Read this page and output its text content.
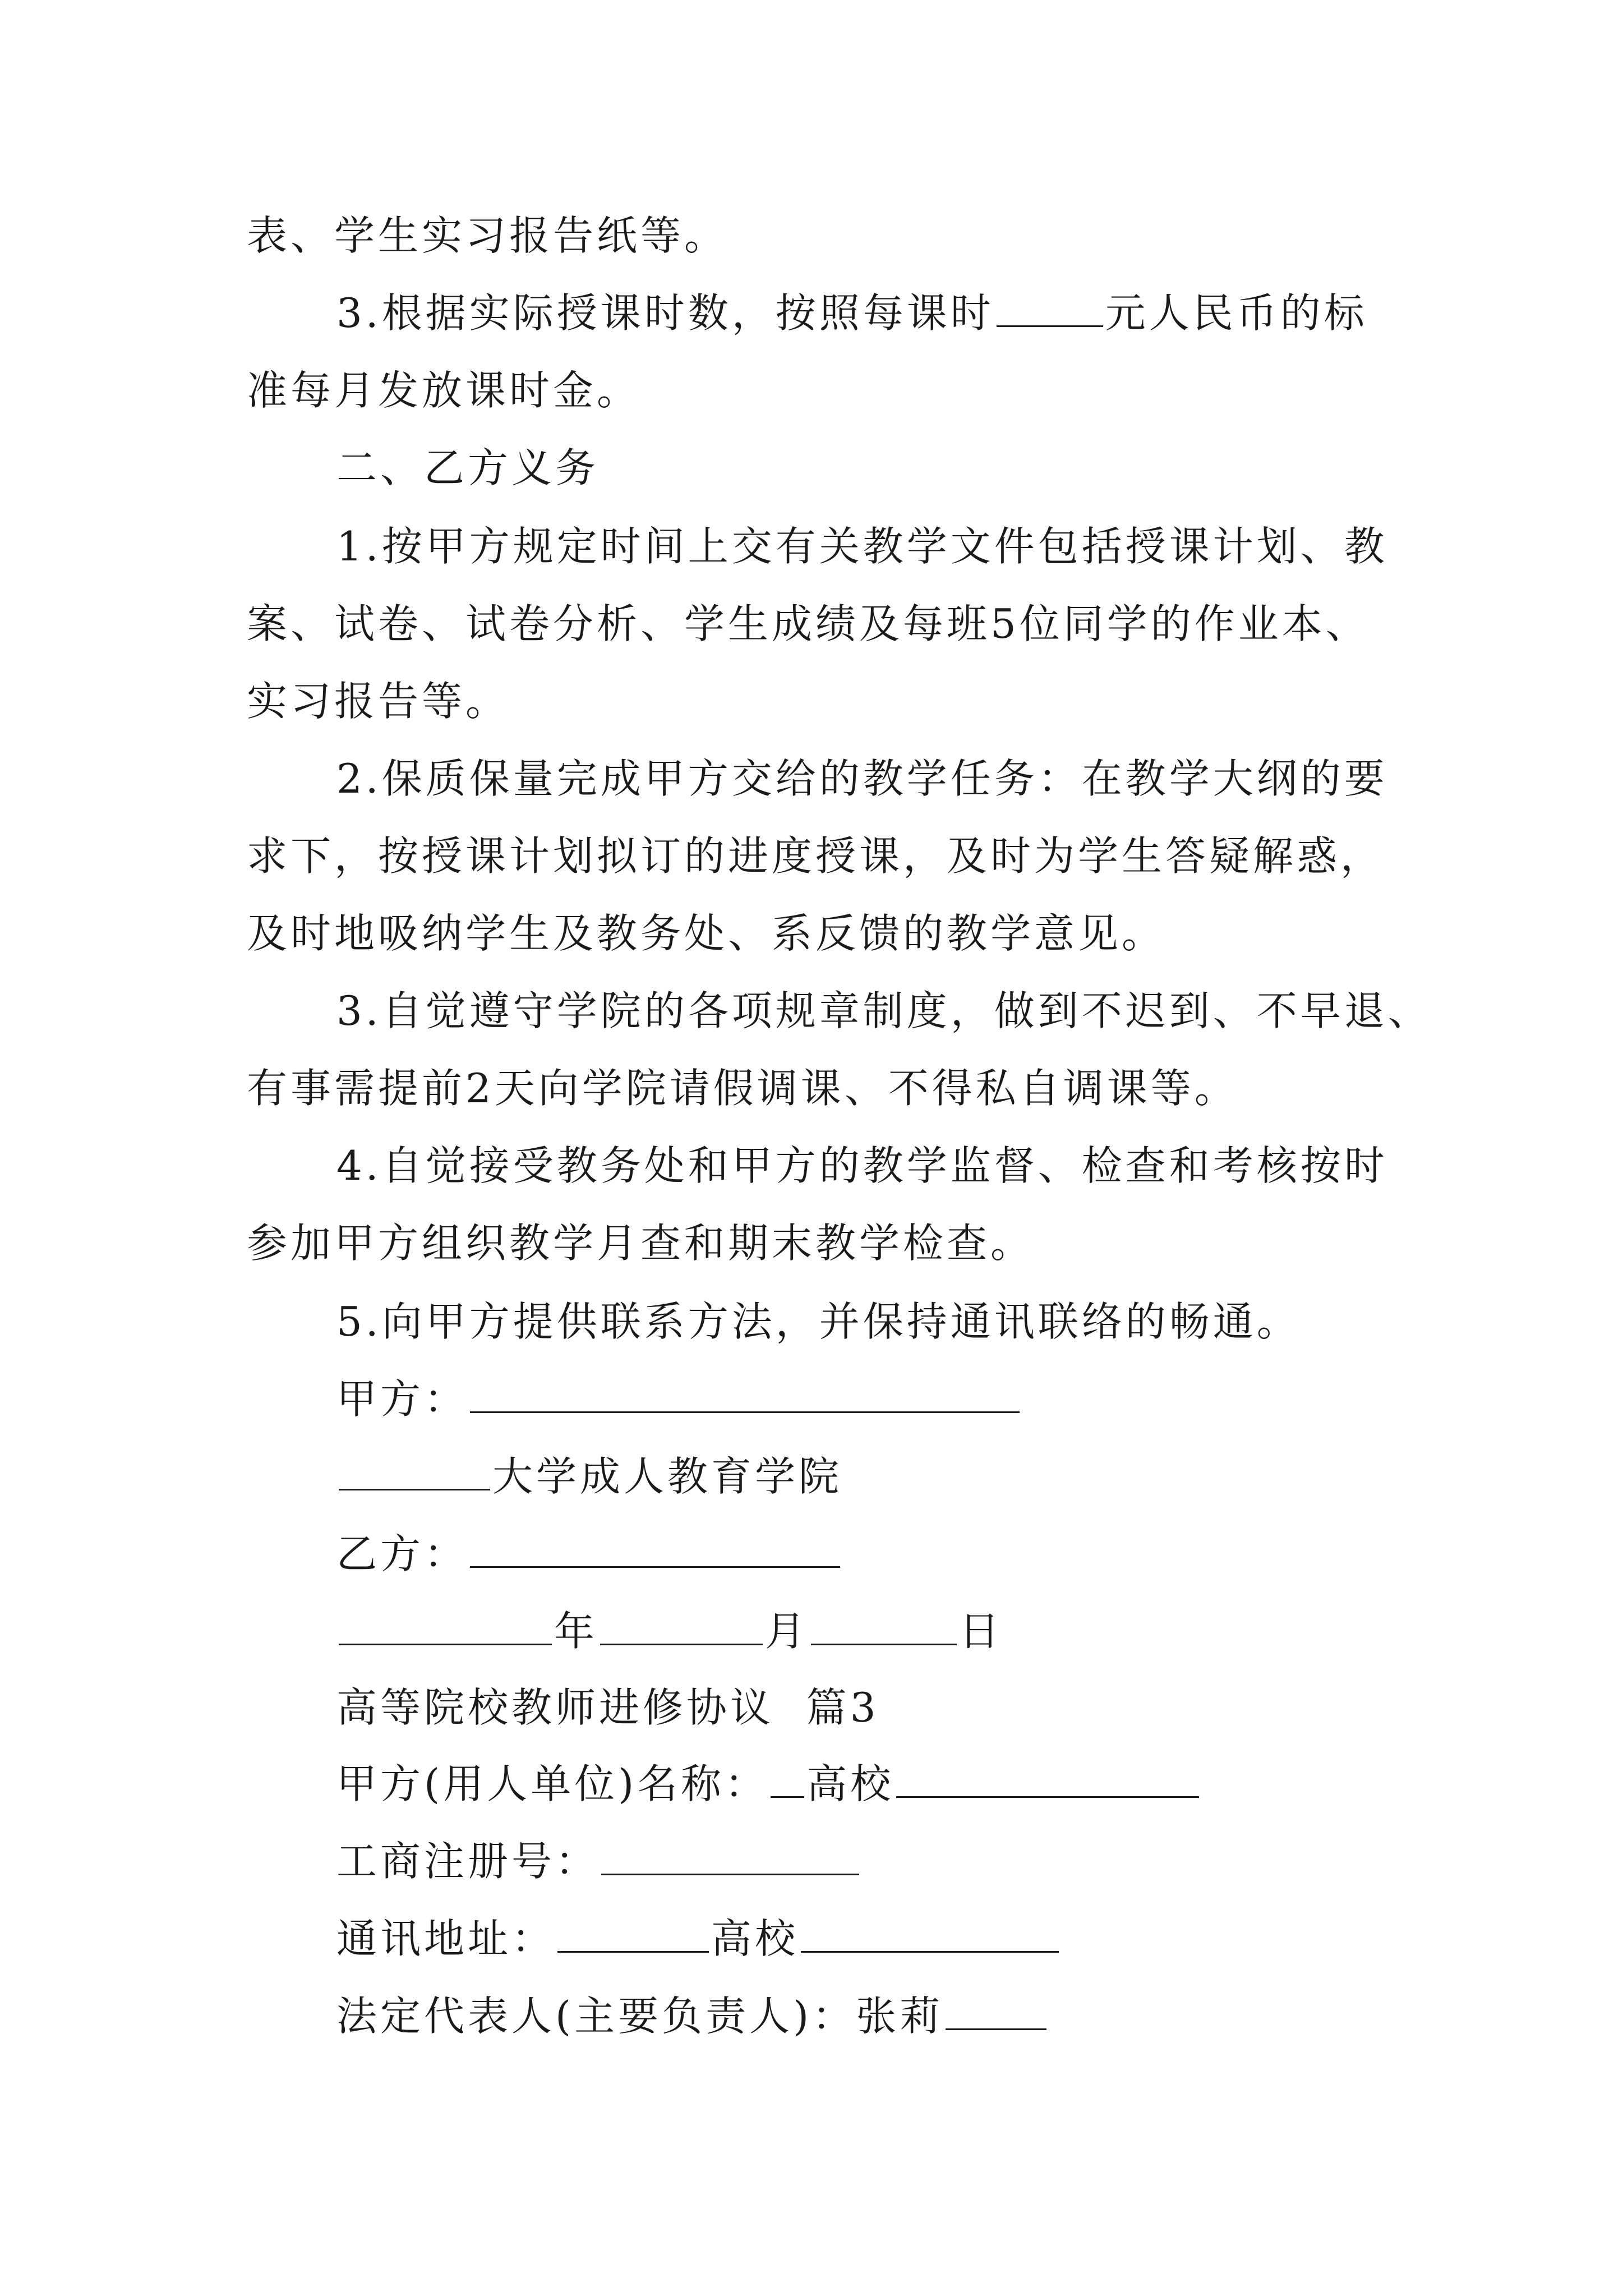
表、学生实习报告纸等。
3.根据实际授课时数，按照每课时	元人民币的标
准每月发放课时金。
二、乙方义务
1.按甲方规定时间上交有关教学文件包括授课计划、教
案、试卷、试卷分析、学生成绩及每班5位同学的作业本、
实习报告等。
2.保质保量完成甲方交给的教学任务：在教学大纲的要
求下，按授课计划拟订的进度授课，及时为学生答疑解惑，
及时地吸纳学生及教务处、系反馈的教学意见。
3.自觉遵守学院的各项规章制度，做到不迟到、不早退、
有事需提前2天向学院请假调课、不得私自调课等。
4.自觉接受教务处和甲方的教学监督、检查和考核按时
参加甲方组织教学月查和期末教学检查。
5.向甲方提供联系方法，并保持通讯联络的畅通。
甲方：
大学成人教育学院
乙方：
年	月	日
高等院校教师进修协议  篇3
甲方(用人单位)名称： 高校
工商注册号：
通讯地址：	高校
法定代表人(主要负责人)：张莉
